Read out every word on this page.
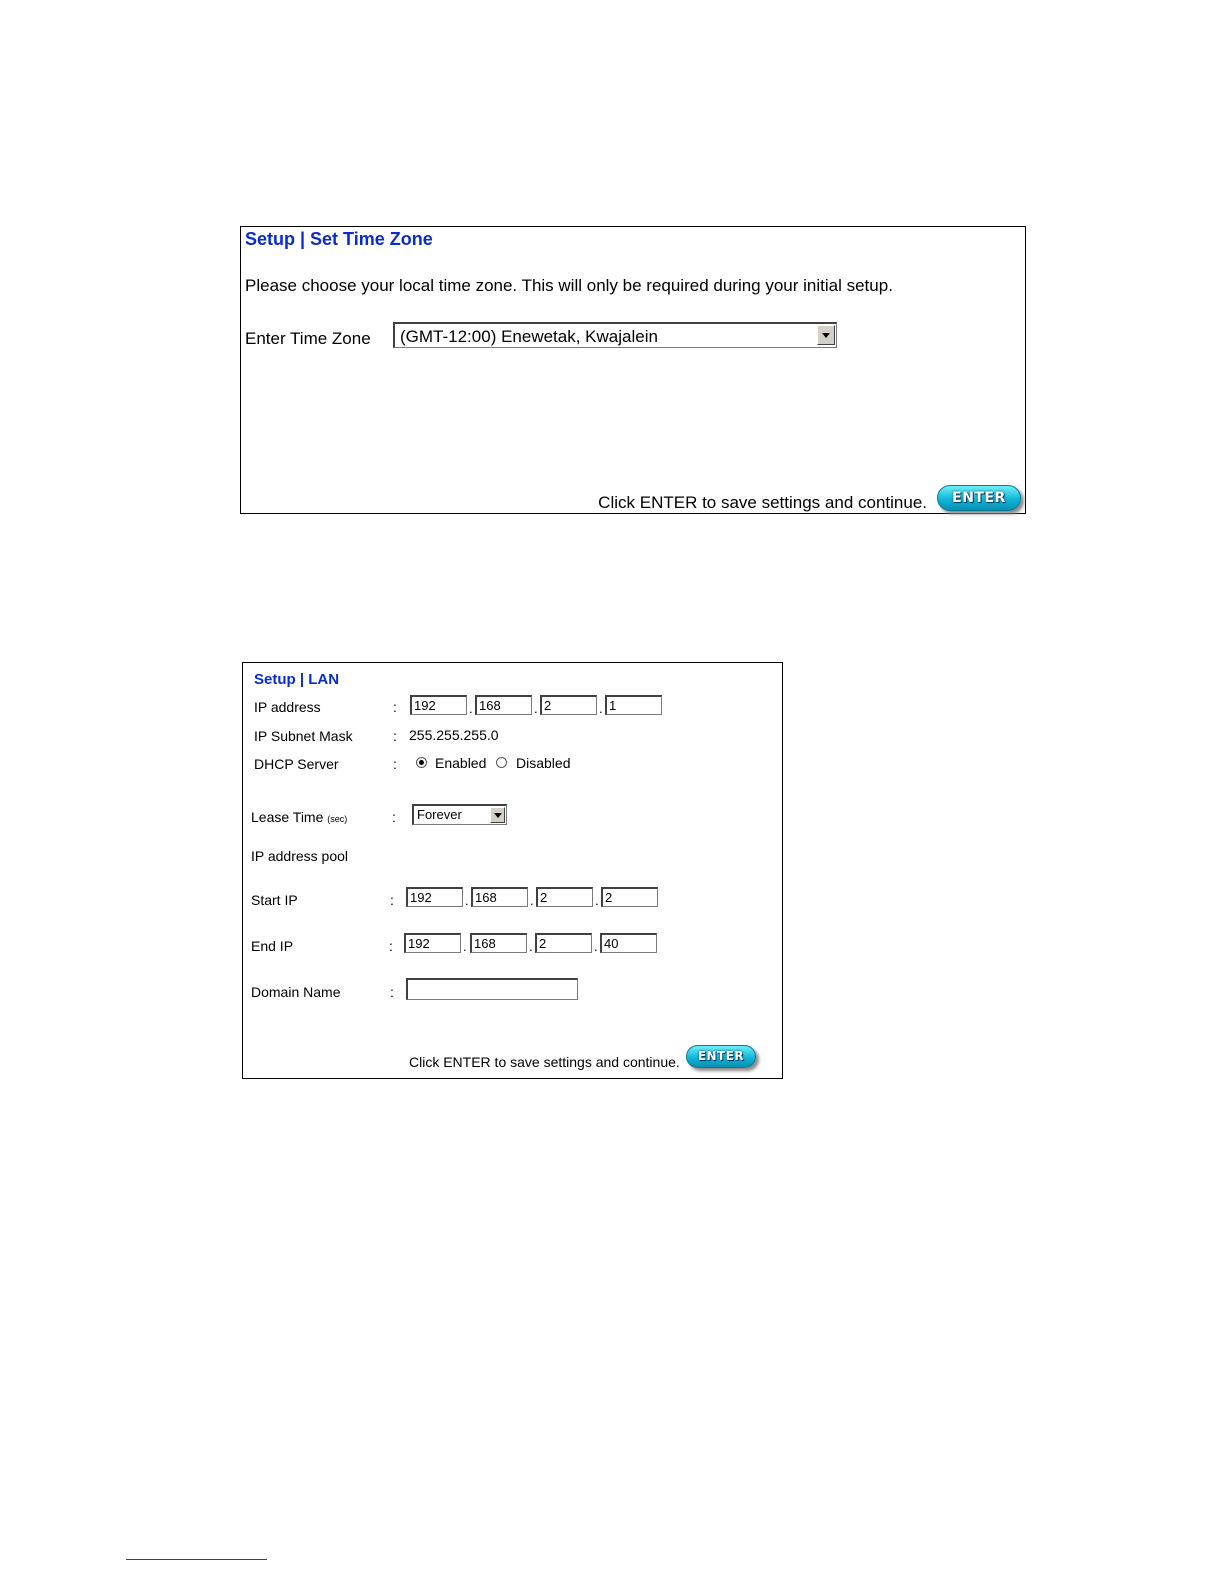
Setup | Set Time Zone
Please choose your local time zone. This will only be required during your initial setup.
Enter Time Zone (GMT-12:00) Enewetak, Kwajalein
Click ENTER to save settings and continue.	ENTER
Setup | LAN
IP address	:	192	. 168	. 2	. 1
IP Subnet Mask	: 255.255.255.0
DHCP Server	:	Enabled Disabled
Lease Time (sec)	: Forever
IP address pool
Start IP	:	192	. 168	. 2	. 2
End IP	:	192	. 168	. 2	. 40
Domain Name	:
Click ENTER to save settings and continue.	ENTER
